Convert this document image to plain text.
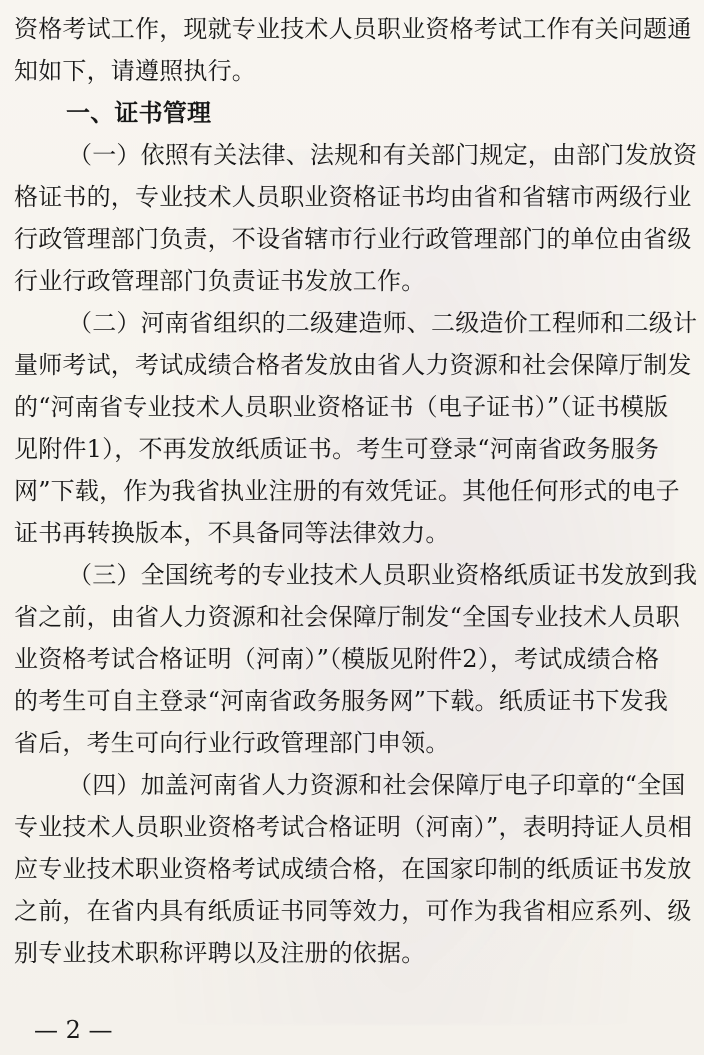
资格考试工作，现就专业技术人员职业资格考试工作有关问题通
知如下，请遵照执行。
一、证书管理
（一）依照有关法律、法规和有关部门规定，由部门发放资
格证书的，专业技术人员职业资格证书均由省和省辖市两级行业
行政管理部门负责，不设省辖市行业行政管理部门的单位由省级
行业行政管理部门负责证书发放工作。
（二）河南省组织的二级建造师、二级造价工程师和二级计
量师考试，考试成绩合格者发放由省人力资源和社会保障厅制发
的“河南省专业技术人员职业资格证书（电子证书）”（证书模版
见附件1），不再发放纸质证书。考生可登录“河南省政务服务
网”下载，作为我省执业注册的有效凭证。其他任何形式的电子
证书再转换版本，不具备同等法律效力。
（三）全国统考的专业技术人员职业资格纸质证书发放到我
省之前，由省人力资源和社会保障厅制发“全国专业技术人员职
业资格考试合格证明（河南）”（模版见附件2），考试成绩合格
的考生可自主登录“河南省政务服务网”下载。纸质证书下发我
省后，考生可向行业行政管理部门申领。
（四）加盖河南省人力资源和社会保障厅电子印章的“全国
专业技术人员职业资格考试合格证明（河南）”，表明持证人员相
应专业技术职业资格考试成绩合格，在国家印制的纸质证书发放
之前，在省内具有纸质证书同等效力，可作为我省相应系列、级
别专业技术职称评聘以及注册的依据。
— 2 —
